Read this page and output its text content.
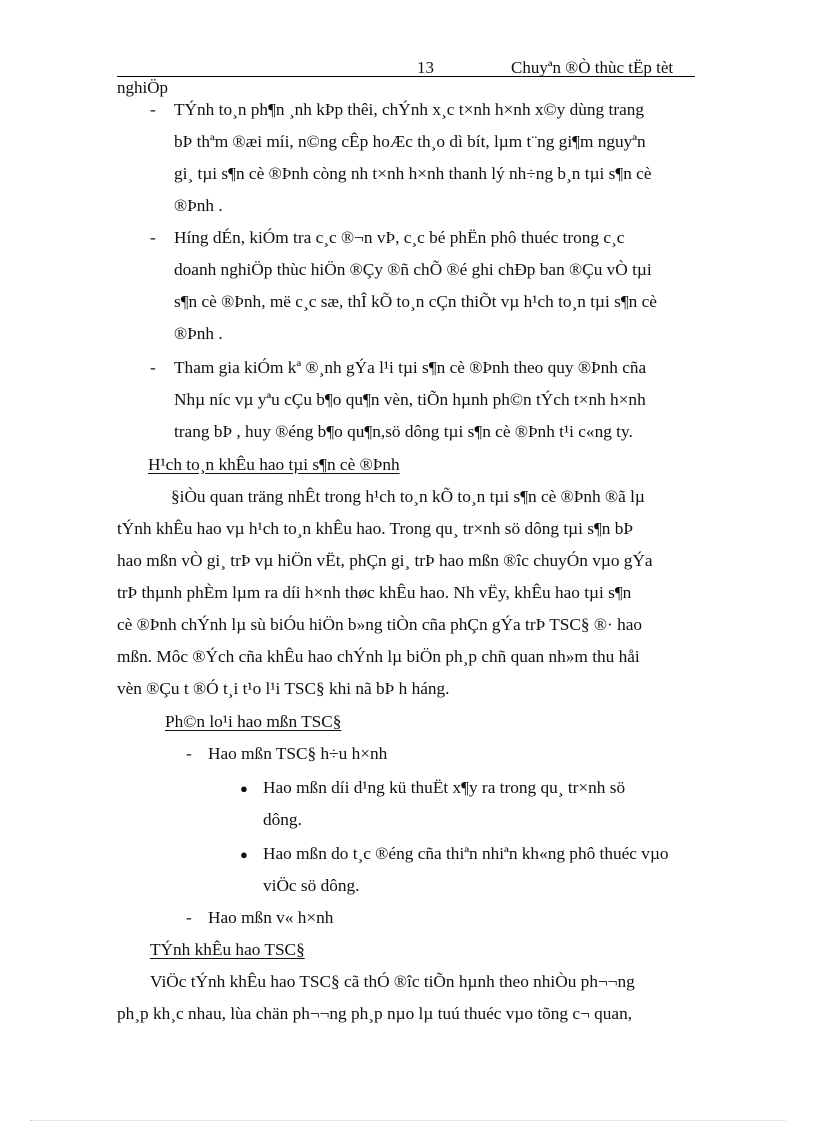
13	Chuyªn ®Ò thùc tËp tèt
nghiÖp
- TÝnh to¸n ph¶n ¸nh kÞp thêi, chÝnh x¸c t×nh h×nh x©y dùng trang
bÞ thªm ®æi míi, n©ng cÊp hoÆc th¸o dì bít, lµm t¨ng gi¶m nguyªn
gi¸ tµi s¶n cè ®Þnh còng nh t×nh h×nh thanh lý nh÷ng b¸n tµi s¶n cè
®Þnh .
- Híng dÉn, kiÓm tra c¸c ®¬n vÞ, c¸c bé phËn phô thuéc trong c¸c
doanh nghiÖp thùc hiÖn ®Çy ®ñ chÕ ®é ghi chÐp ban ®Çu vÒ tµi
s¶n cè ®Þnh, më c¸c sæ, thÎ kÕ to¸n cÇn thiÕt vµ h¹ch to¸n tµi s¶n cè
®Þnh .
- Tham gia kiÓm kª ®¸nh gÝa l¹i tµi s¶n cè ®Þnh theo quy ®Þnh cña
Nhµ níc vµ yªu cÇu b¶o qu¶n vèn, tiÕn hµnh ph©n tÝch t×nh h×nh
trang bÞ , huy ®éng b¶o qu¶n,sö dông tµi s¶n cè ®Þnh t¹i c«ng ty.
H¹ch to¸n khÊu hao tµi s¶n cè ®Þnh
§iÒu quan träng nhÊt trong h¹ch to¸n kÕ to¸n tµi s¶n cè ®Þnh ®ã lµ
tÝnh khÊu hao vµ h¹ch to¸n khÊu hao. Trong qu¸ tr×nh sö dông tµi s¶n bÞ
hao mßn vÒ gi¸ trÞ vµ hiÖn vËt, phÇn gi¸ trÞ hao mßn ®îc chuyÓn vµo gÝa
trÞ thµnh phÈm lµm ra díi h×nh thøc khÊu hao. Nh vËy, khÊu hao tµi s¶n
cè ®Þnh chÝnh lµ sù biÓu hiÖn b»ng tiÒn cña phÇn gÝa trÞ TSC§ ®· hao
mßn. Môc ®Ých cña khÊu hao chÝnh lµ biÖn ph¸p chñ quan nh»m thu håi
vèn ®Çu t ®Ó t¸i t¹o l¹i TSC§ khi nã bÞ h háng.
Ph©n lo¹i hao mßn TSC§
- Hao mßn TSC§ h÷u h×nh
● Hao mßn díi d¹ng kü thuËt x¶y ra trong qu¸ tr×nh sö
dông.
● Hao mßn do t¸c ®éng cña thiªn nhiªn kh«ng phô thuéc vµo
viÖc sö dông.
- Hao mßn v« h×nh
TÝnh khÊu hao TSC§
ViÖc tÝnh khÊu hao TSC§ cã thÓ ®îc tiÕn hµnh theo nhiÒu ph¬¬ng
ph¸p kh¸c nhau, lùa chän ph¬¬ng ph¸p nµo lµ tuú thuéc vµo tõng c¬ quan,
